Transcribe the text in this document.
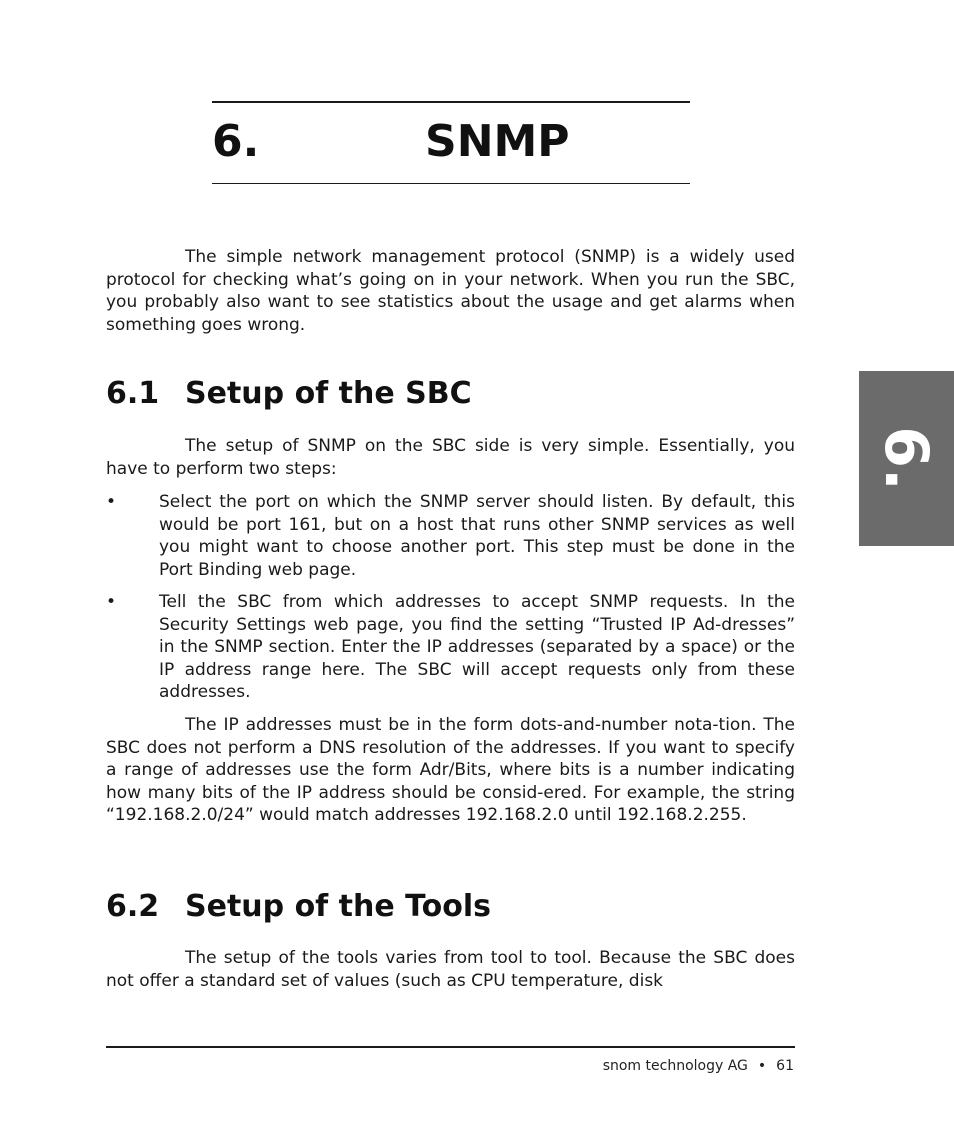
6.	SNMP
6.

The simple network management protocol (SNMP) is a widely used protocol for checking what’s going on in your network. When you run the SBC, you probably also want to see statistics about the usage and get alarms when something goes wrong.

6.1 Setup of the SBC

The setup of SNMP on the SBC side is very simple. Essentially, you have to perform two steps:

•	Select the port on which the SNMP server should listen. By default, this would be port 161, but on a host that runs other SNMP services as well you might want to choose another port. This step must be done in the Port Binding web page.
•	Tell the SBC from which addresses to accept SNMP requests. In the Security Settings web page, you find the setting “Trusted IP Ad-dresses” in the SNMP section. Enter the IP addresses (separated by a space) or the IP address range here. The SBC will accept requests only from these addresses.

The IP addresses must be in the form dots-and-number nota-tion. The SBC does not perform a DNS resolution of the addresses. If you want to specify a range of addresses use the form Adr/Bits, where bits is a number indicating how many bits of the IP address should be consid-ered. For example, the string “192.168.2.0/24” would match addresses 192.168.2.0 until 192.168.2.255.

6.2 Setup of the Tools

The setup of the tools varies from tool to tool. Because the SBC does not offer a standard set of values (such as CPU temperature, disk

snom technology AG • 61
